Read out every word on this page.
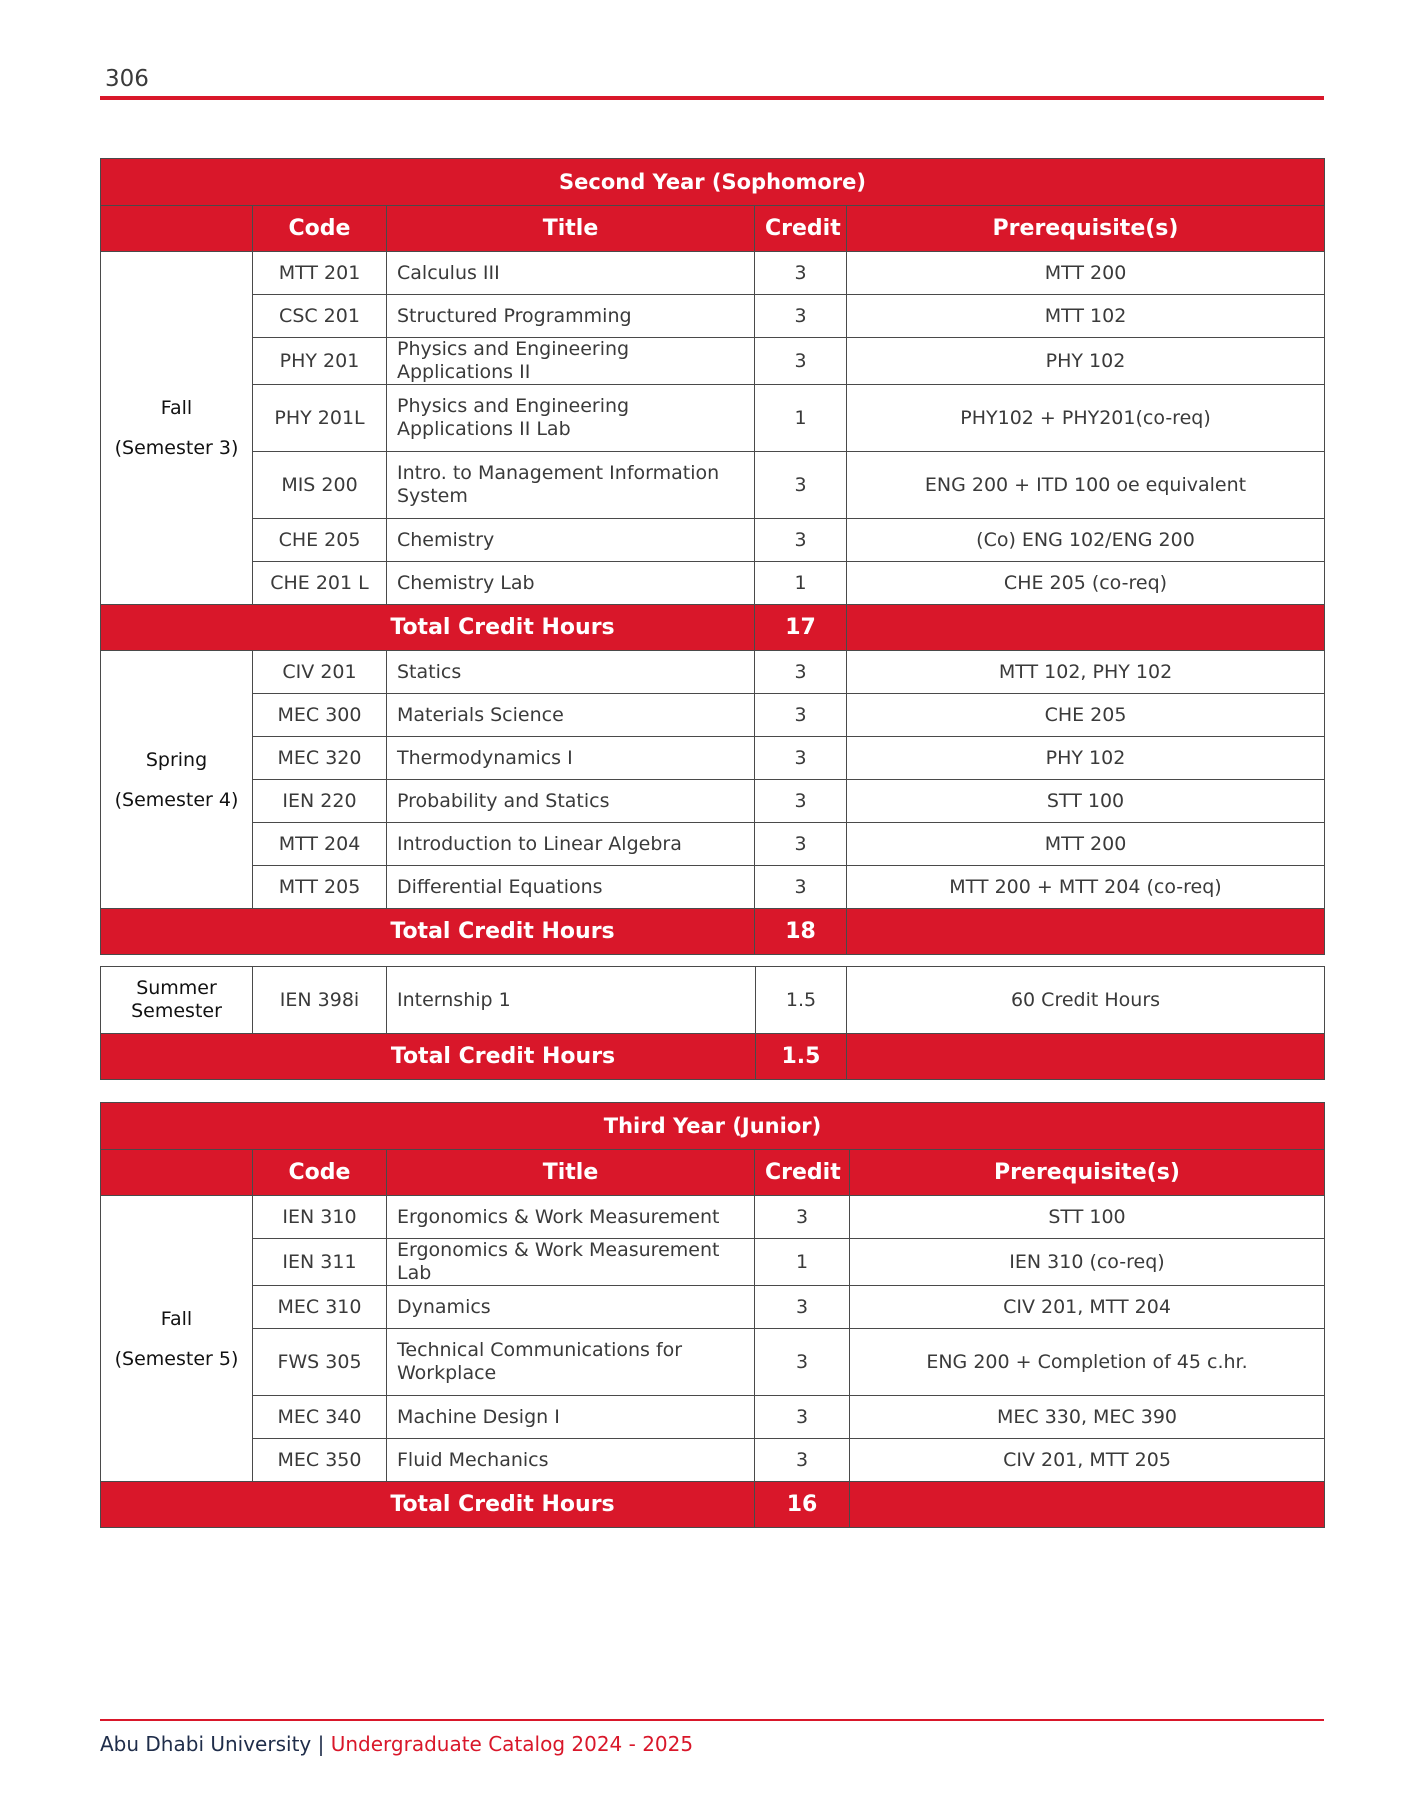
306
Second Year (Sophomore)				
	Code	Title	Credit	Prerequisite(s)

Fall
(Semester 3)	MTT 201	Calculus III	3	MTT 200
	CSC 201	Structured Programming	3	MTT 102
	PHY 201	Physics and Engineering Applications II	3	PHY 102
	PHY 201L	Physics and Engineering Applications II Lab	1	PHY102 + PHY201(co-req)
	MIS 200	Intro. to Management Information System	3	ENG 200 + ITD 100 oe equivalent
	CHE 205	Chemistry	3	(Co) ENG 102/ENG 200
	CHE 201 L	Chemistry Lab	1	CHE 205 (co-req)
Total Credit Hours			17	

Spring
(Semester 4)	CIV 201	Statics	3	MTT 102, PHY 102
	MEC 300	Materials Science	3	CHE 205
	MEC 320	Thermodynamics I	3	PHY 102
	IEN 220	Probability and Statics	3	STT 100
	MTT 204	Introduction to Linear Algebra	3	MTT 200
	MTT 205	Differential Equations	3	MTT 200 + MTT 204 (co-req)
Total Credit Hours			18	
Summer Semester	IEN 398i	Internship 1	1.5	60 Credit Hours
Total Credit Hours			1.5	
Third Year (Junior)				
	Code	Title	Credit	Prerequisite(s)

Fall
(Semester 5)	IEN 310	Ergonomics & Work Measurement	3	STT 100
	IEN 311	Ergonomics & Work Measurement Lab	1	IEN 310 (co-req)
	MEC 310	Dynamics	3	CIV 201, MTT 204
	FWS 305	Technical Communications for Workplace	3	ENG 200 + Completion of 45 c.hr.
	MEC 340	Machine Design I	3	MEC 330, MEC 390
	MEC 350	Fluid Mechanics	3	CIV 201, MTT 205
Total Credit Hours			16	
Abu Dhabi University | Undergraduate Catalog 2024 - 2025
